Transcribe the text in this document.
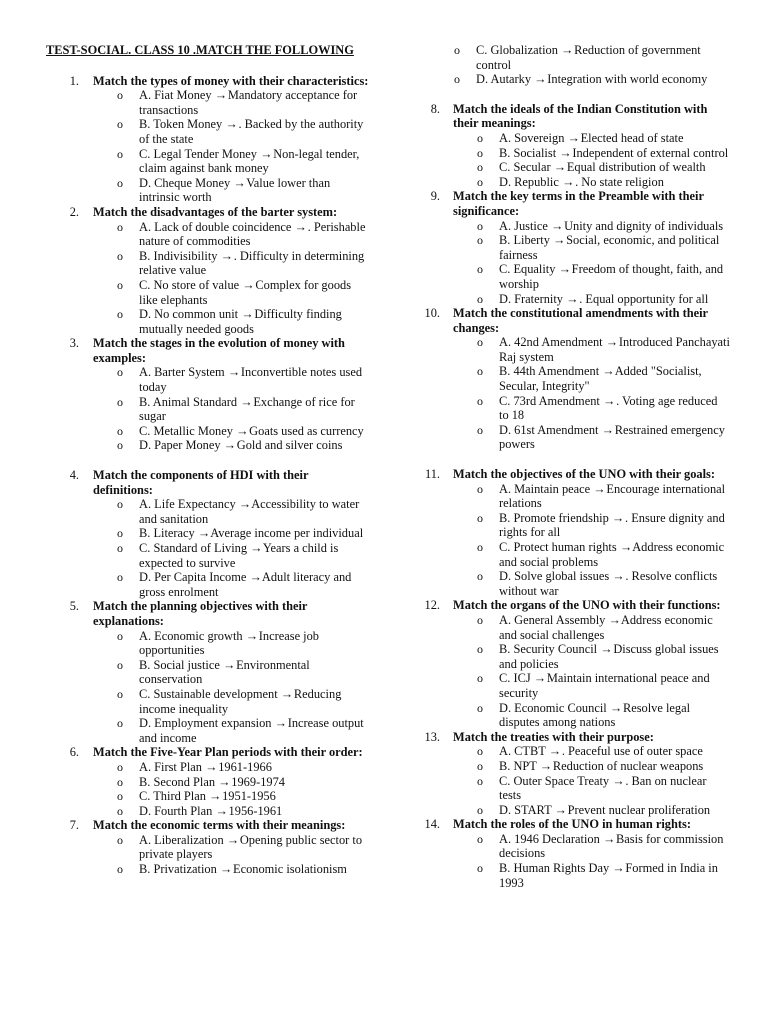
TEST-SOCIAL. CLASS 10 .MATCH THE FOLLOWING
1. Match the types of money with their characteristics:
o A. Fiat Money → Mandatory acceptance for transactions
o B. Token Money → . Backed by the authority of the state
o C. Legal Tender Money → Non-legal tender, claim against bank money
o D. Cheque Money → Value lower than intrinsic worth
2. Match the disadvantages of the barter system:
o A. Lack of double coincidence → . Perishable nature of commodities
o B. Indivisibility → . Difficulty in determining relative value
o C. No store of value → Complex for goods like elephants
o D. No common unit → Difficulty finding mutually needed goods
3. Match the stages in the evolution of money with examples:
o A. Barter System → Inconvertible notes used today
o B. Animal Standard → Exchange of rice for sugar
o C. Metallic Money → Goats used as currency
o D. Paper Money → Gold and silver coins
4. Match the components of HDI with their definitions:
o A. Life Expectancy → Accessibility to water and sanitation
o B. Literacy → Average income per individual
o C. Standard of Living → Years a child is expected to survive
o D. Per Capita Income → Adult literacy and gross enrolment
5. Match the planning objectives with their explanations:
o A. Economic growth → Increase job opportunities
o B. Social justice → Environmental conservation
o C. Sustainable development → Reducing income inequality
o D. Employment expansion → Increase output and income
6. Match the Five-Year Plan periods with their order:
o A. First Plan → 1961-1966
o B. Second Plan → 1969-1974
o C. Third Plan → 1951-1956
o D. Fourth Plan → 1956-1961
7. Match the economic terms with their meanings:
o A. Liberalization → Opening public sector to private players
o B. Privatization → Economic isolationism
o C. Globalization → Reduction of government control
o D. Autarky → Integration with world economy
8. Match the ideals of the Indian Constitution with their meanings:
o A. Sovereign → Elected head of state
o B. Socialist → Independent of external control
o C. Secular → Equal distribution of wealth
o D. Republic → . No state religion
9. Match the key terms in the Preamble with their significance:
o A. Justice → Unity and dignity of individuals
o B. Liberty → Social, economic, and political fairness
o C. Equality → Freedom of thought, faith, and worship
o D. Fraternity → . Equal opportunity for all
10. Match the constitutional amendments with their changes:
o A. 42nd Amendment → Introduced Panchayati Raj system
o B. 44th Amendment → Added "Socialist, Secular, Integrity"
o C. 73rd Amendment → . Voting age reduced to 18
o D. 61st Amendment → Restrained emergency powers
11. Match the objectives of the UNO with their goals:
o A. Maintain peace → Encourage international relations
o B. Promote friendship → . Ensure dignity and rights for all
o C. Protect human rights → Address economic and social problems
o D. Solve global issues → . Resolve conflicts without war
12. Match the organs of the UNO with their functions:
o A. General Assembly → Address economic and social challenges
o B. Security Council → Discuss global issues and policies
o C. ICJ → Maintain international peace and security
o D. Economic Council → Resolve legal disputes among nations
13. Match the treaties with their purpose:
o A. CTBT → . Peaceful use of outer space
o B. NPT → Reduction of nuclear weapons
o C. Outer Space Treaty → . Ban on nuclear tests
o D. START → Prevent nuclear proliferation
14. Match the roles of the UNO in human rights:
o A. 1946 Declaration → Basis for commission decisions
o B. Human Rights Day → Formed in India in 1993
